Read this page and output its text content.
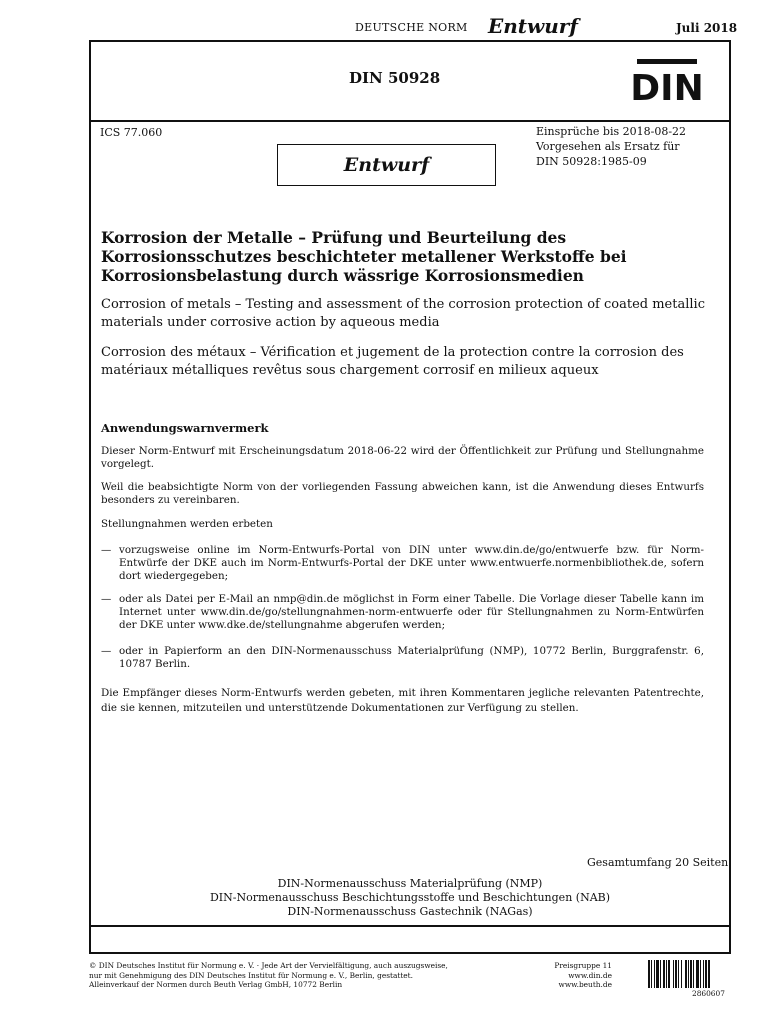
DEUTSCHE NORM Entwurf	Juli 2018
DIN 50928	DIN
ICS 77.060	Einsprüche bis 2018-08-22
Vorgesehen als Ersatz für
DIN 50928:1985-09
Entwurf
Korrosion der Metalle – Prüfung und Beurteilung des Korrosionsschutzes beschichteter metallener Werkstoffe bei Korrosionsbelastung durch wässrige Korrosionsmedien
Corrosion of metals – Testing and assessment of the corrosion protection of coated metallic materials under corrosive action by aqueous media
Corrosion des métaux – Vérification et jugement de la protection contre la corrosion des matériaux métalliques revêtus sous chargement corrosif en milieux aqueux
Anwendungswarnvermerk
Dieser Norm-Entwurf mit Erscheinungsdatum 2018-06-22 wird der Öffentlichkeit zur Prüfung und Stellungnahme vorgelegt.
Weil die beabsichtigte Norm von der vorliegenden Fassung abweichen kann, ist die Anwendung dieses Entwurfs besonders zu vereinbaren.
Stellungnahmen werden erbeten
— vorzugsweise online im Norm-Entwurfs-Portal von DIN unter www.din.de/go/entwuerfe bzw. für Norm-Entwürfe der DKE auch im Norm-Entwurfs-Portal der DKE unter www.entwuerfe.normenbibliothek.de, sofern dort wiedergegeben;
— oder als Datei per E-Mail an nmp@din.de möglichst in Form einer Tabelle. Die Vorlage dieser Tabelle kann im Internet unter www.din.de/go/stellungnahmen-norm-entwuerfe oder für Stellungnahmen zu Norm-Entwürfen der DKE unter www.dke.de/stellungnahme abgerufen werden;
— oder in Papierform an den DIN-Normenausschuss Materialprüfung (NMP), 10772 Berlin, Burggrafenstr. 6, 10787 Berlin.
Die Empfänger dieses Norm-Entwurfs werden gebeten, mit ihren Kommentaren jegliche relevanten Patentrechte, die sie kennen, mitzuteilen und unterstützende Dokumentationen zur Verfügung zu stellen.
Gesamtumfang 20 Seiten
DIN-Normenausschuss Materialprüfung (NMP)
DIN-Normenausschuss Beschichtungsstoffe und Beschichtungen (NAB)
DIN-Normenausschuss Gastechnik (NAGas)
© DIN Deutsches Institut für Normung e. V. · Jede Art der Vervielfältigung, auch auszugsweise,
nur mit Genehmigung des DIN Deutsches Institut für Normung e. V., Berlin, gestattet.
Alleinverkauf der Normen durch Beuth Verlag GmbH, 10772 Berlin
Preisgruppe 11
www.din.de
www.beuth.de
2860607
